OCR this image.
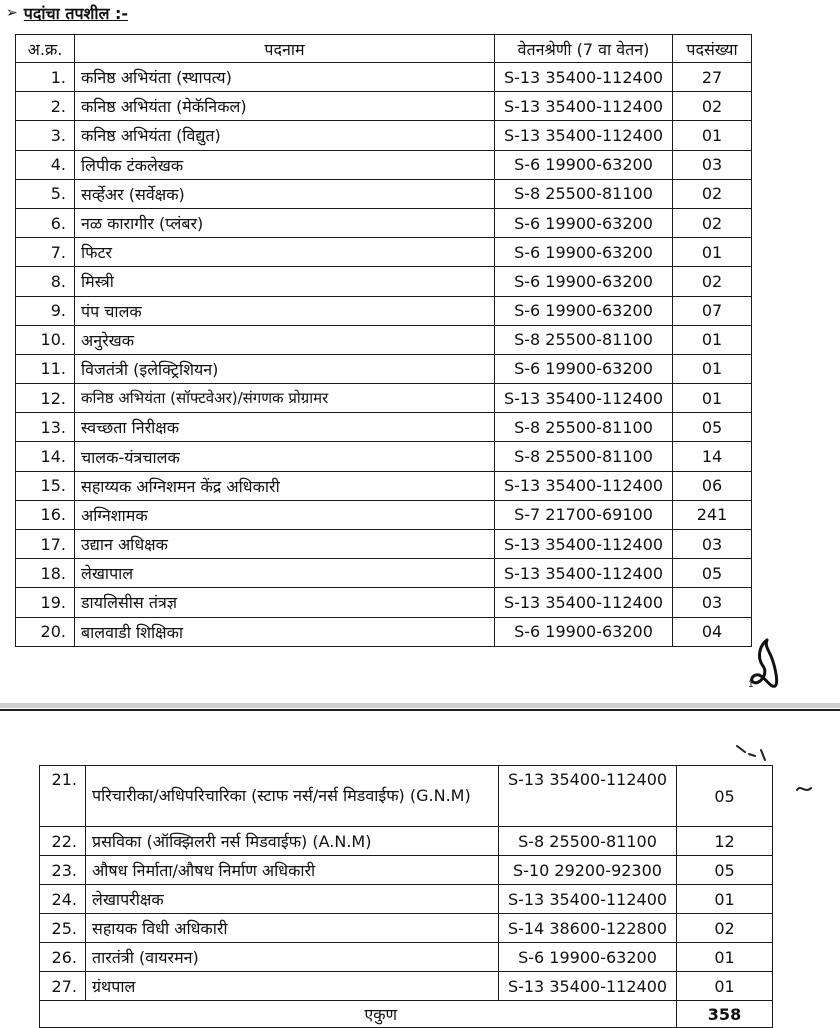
➢ पदांचा तपशील :-
अ.क्र.	पदनाम	वेतनश्रेणी (7 वा वेतन)	पदसंख्या
1.	कनिष्ठ अभियंता (स्थापत्य)	S-13 35400-112400	27
2.	कनिष्ठ अभियंता (मेकॅनिकल)	S-13 35400-112400	02
3.	कनिष्ठ अभियंता (विद्युत)	S-13 35400-112400	01
4.	लिपीक टंकलेखक	S-6 19900-63200	03
5.	सर्व्हेअर (सर्वेक्षक)	S-8 25500-81100	02
6.	नळ कारागीर (प्लंबर)	S-6 19900-63200	02
7.	फिटर	S-6 19900-63200	01
8.	मिस्त्री	S-6 19900-63200	02
9.	पंप चालक	S-6 19900-63200	07
10.	अनुरेखक	S-8 25500-81100	01
11.	विजतंत्री (इलेक्ट्रिशियन)	S-6 19900-63200	01
12.	कनिष्ठ अभियंता (सॉफ्टवेअर)/संगणक प्रोग्रामर	S-13 35400-112400	01
13.	स्वच्छता निरीक्षक	S-8 25500-81100	05
14.	चालक-यंत्रचालक	S-8 25500-81100	14
15.	सहाय्यक अग्निशमन केंद्र अधिकारी	S-13 35400-112400	06
16.	अग्निशामक	S-7 21700-69100	241
17.	उद्यान अधिक्षक	S-13 35400-112400	03
18.	लेखापाल	S-13 35400-112400	05
19.	डायलिसीस तंत्रज्ञ	S-13 35400-112400	03
20.	बालवाडी शिक्षिका	S-6 19900-63200	04
1
21.	परिचारीका/अधिपरिचारिका (स्टाफ नर्स/नर्स मिडवाईफ) (G.N.M)	S-13 35400-112400	05
22.	प्रसविका (ऑक्झिलरी नर्स मिडवाईफ) (A.N.M)	S-8 25500-81100	12
23.	औषध निर्माता/औषध निर्माण अधिकारी	S-10 29200-92300	05
24.	लेखापरीक्षक	S-13 35400-112400	01
25.	सहायक विधी अधिकारी	S-14 38600-122800	02
26.	तारतंत्री (वायरमन)	S-6 19900-63200	01
27.	ग्रंथपाल	S-13 35400-112400	01
	एकुण		358
